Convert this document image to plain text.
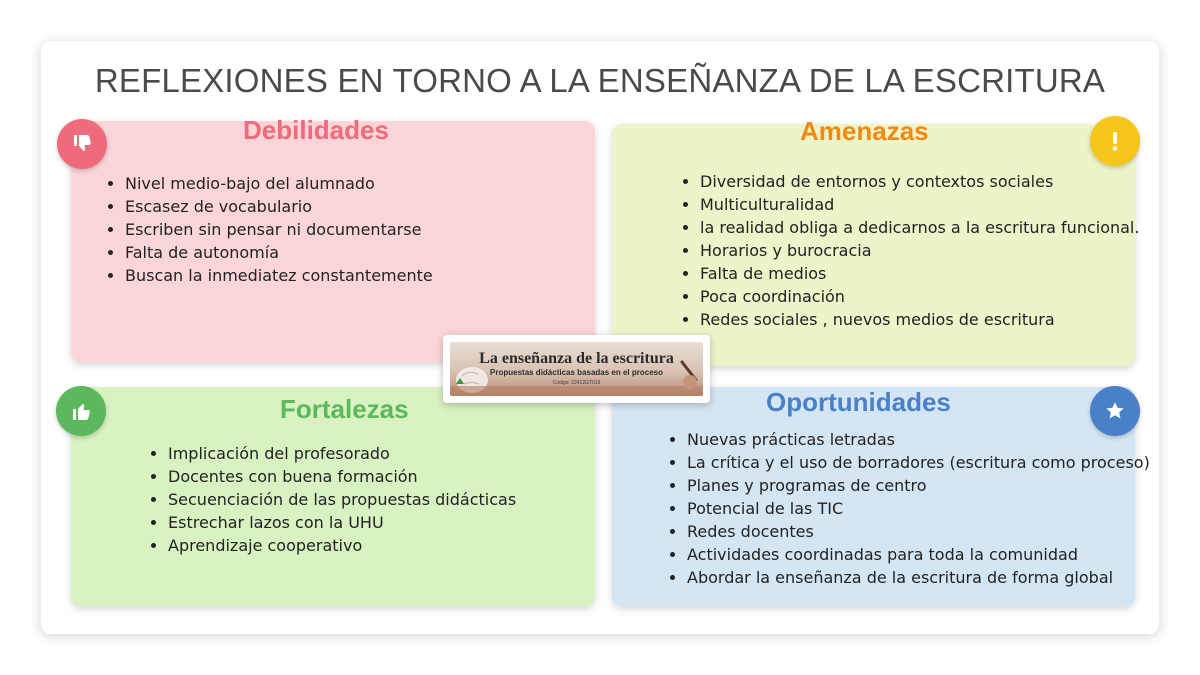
REFLEXIONES EN TORNO A LA ENSEÑANZA DE LA ESCRITURA
Debilidades
• Nivel medio-bajo del alumnado
• Escasez de vocabulario
• Escriben sin pensar ni documentarse
• Falta de autonomía
• Buscan la inmediatez constantemente
Amenazas
• Diversidad de entornos y contextos sociales
• Multiculturalidad
• la realidad obliga a dedicarnos a la escritura funcional.
• Horarios y burocracia
• Falta de medios
• Poca coordinación
• Redes sociales , nuevos medios de escritura
Fortalezas
• Implicación del profesorado
• Docentes con buena formación
• Secuenciación de las propuestas didácticas
• Estrechar lazos con la UHU
• Aprendizaje cooperativo
Oportunidades
• Nuevas prácticas letradas
• La crítica y el uso de borradores (escritura como proceso)
• Planes y programas de centro
• Potencial de las TIC
• Redes docentes
• Actividades coordinadas para toda la comunidad
• Abordar la enseñanza de la escritura de forma global
La enseñanza de la escritura
Propuestas didácticas basadas en el proceso
Código: 22412GT019
